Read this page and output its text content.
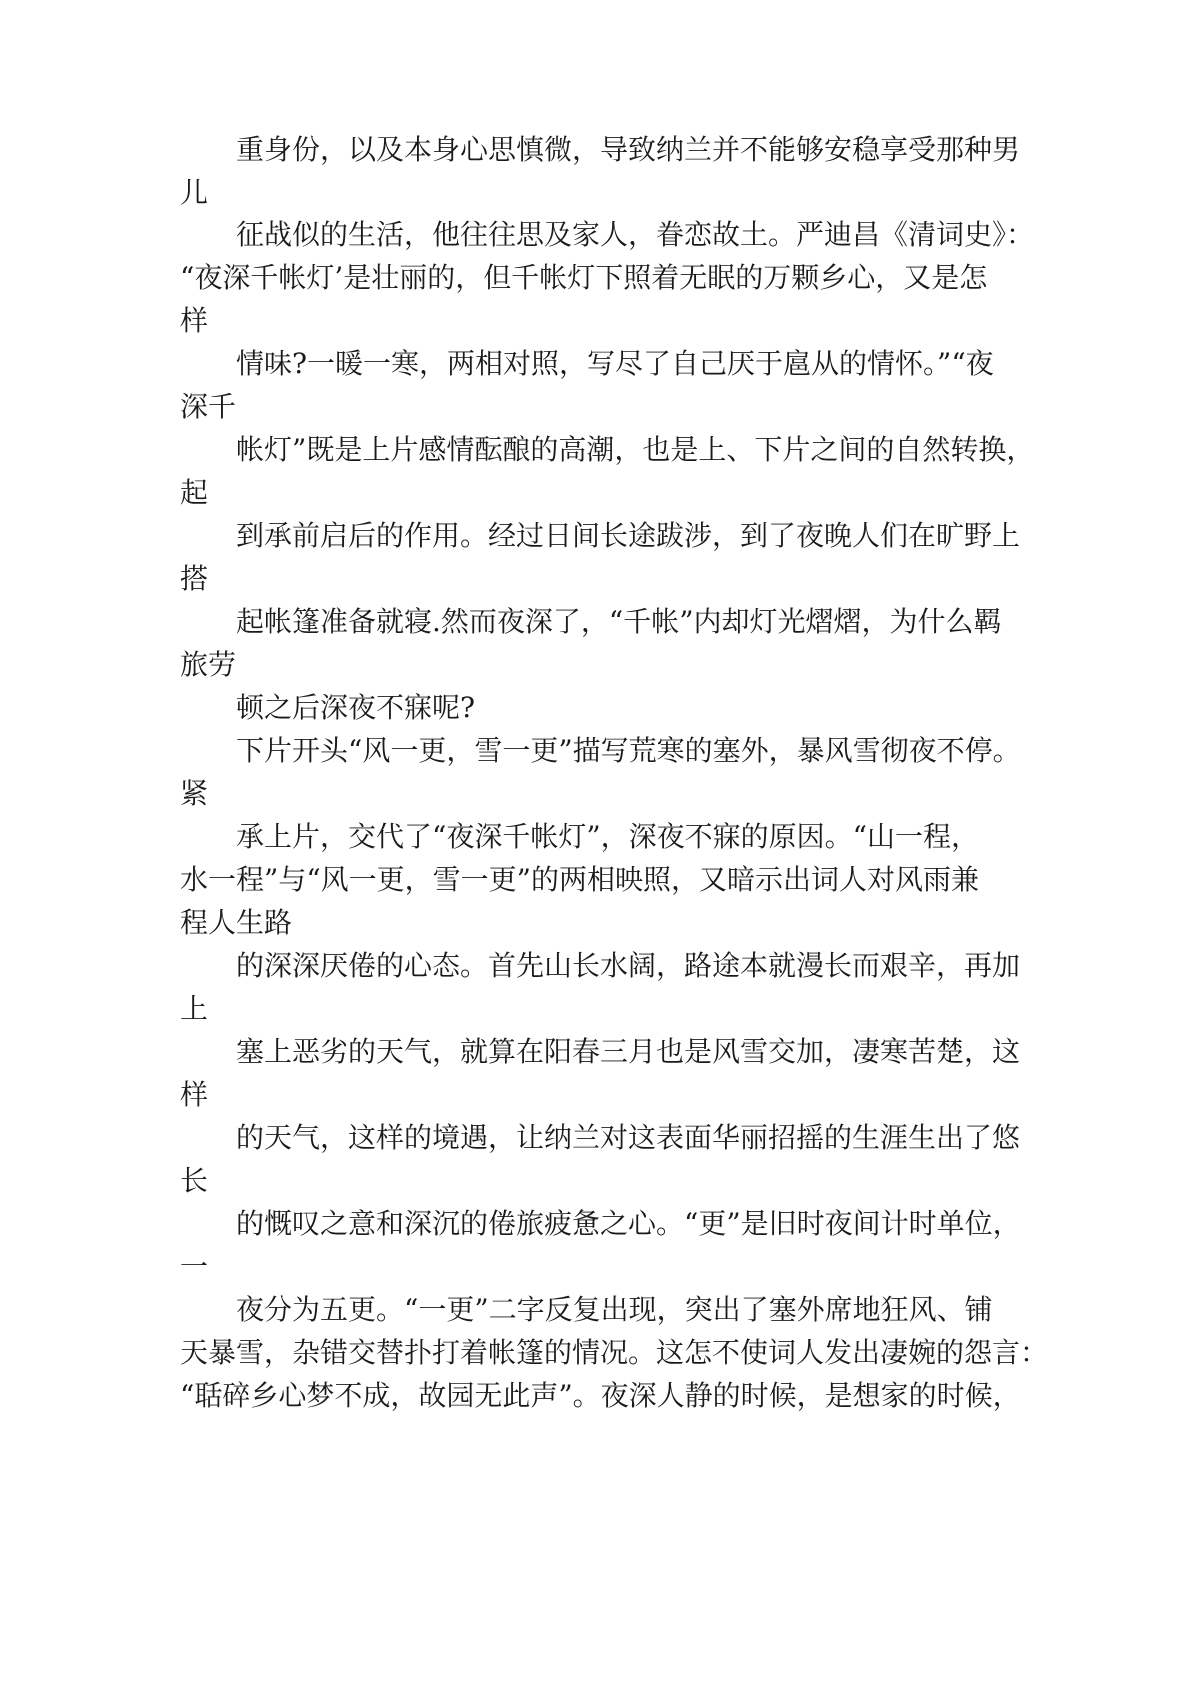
重身份，以及本身心思慎微，导致纳兰并不能够安稳享受那种男
儿
征战似的生活，他往往思及家人，眷恋故土。严迪昌《清词史》：
“夜深千帐灯’是壮丽的，但千帐灯下照着无眠的万颗乡心，又是怎
样
情味?一暖一寒，两相对照，写尽了自己厌于扈从的情怀。”“夜
深千
帐灯”既是上片感情酝酿的高潮，也是上、下片之间的自然转换，
起
到承前启后的作用。经过日间长途跋涉，到了夜晚人们在旷野上
搭
起帐篷准备就寝.然而夜深了，“千帐”内却灯光熠熠，为什么羁
旅劳
顿之后深夜不寐呢?
下片开头“风一更，雪一更”描写荒寒的塞外，暴风雪彻夜不停。
紧
承上片，交代了“夜深千帐灯”，深夜不寐的原因。“山一程，
水一程”与“风一更，雪一更”的两相映照，又暗示出词人对风雨兼
程人生路
的深深厌倦的心态。首先山长水阔，路途本就漫长而艰辛，再加
上
塞上恶劣的天气，就算在阳春三月也是风雪交加，凄寒苦楚，这
样
的天气，这样的境遇，让纳兰对这表面华丽招摇的生涯生出了悠
长
的慨叹之意和深沉的倦旅疲惫之心。“更”是旧时夜间计时单位，
一
夜分为五更。“一更”二字反复出现，突出了塞外席地狂风、铺
天暴雪，杂错交替扑打着帐篷的情况。这怎不使词人发出凄婉的怨言：
“聒碎乡心梦不成，故园无此声”。夜深人静的时候，是想家的时候，
